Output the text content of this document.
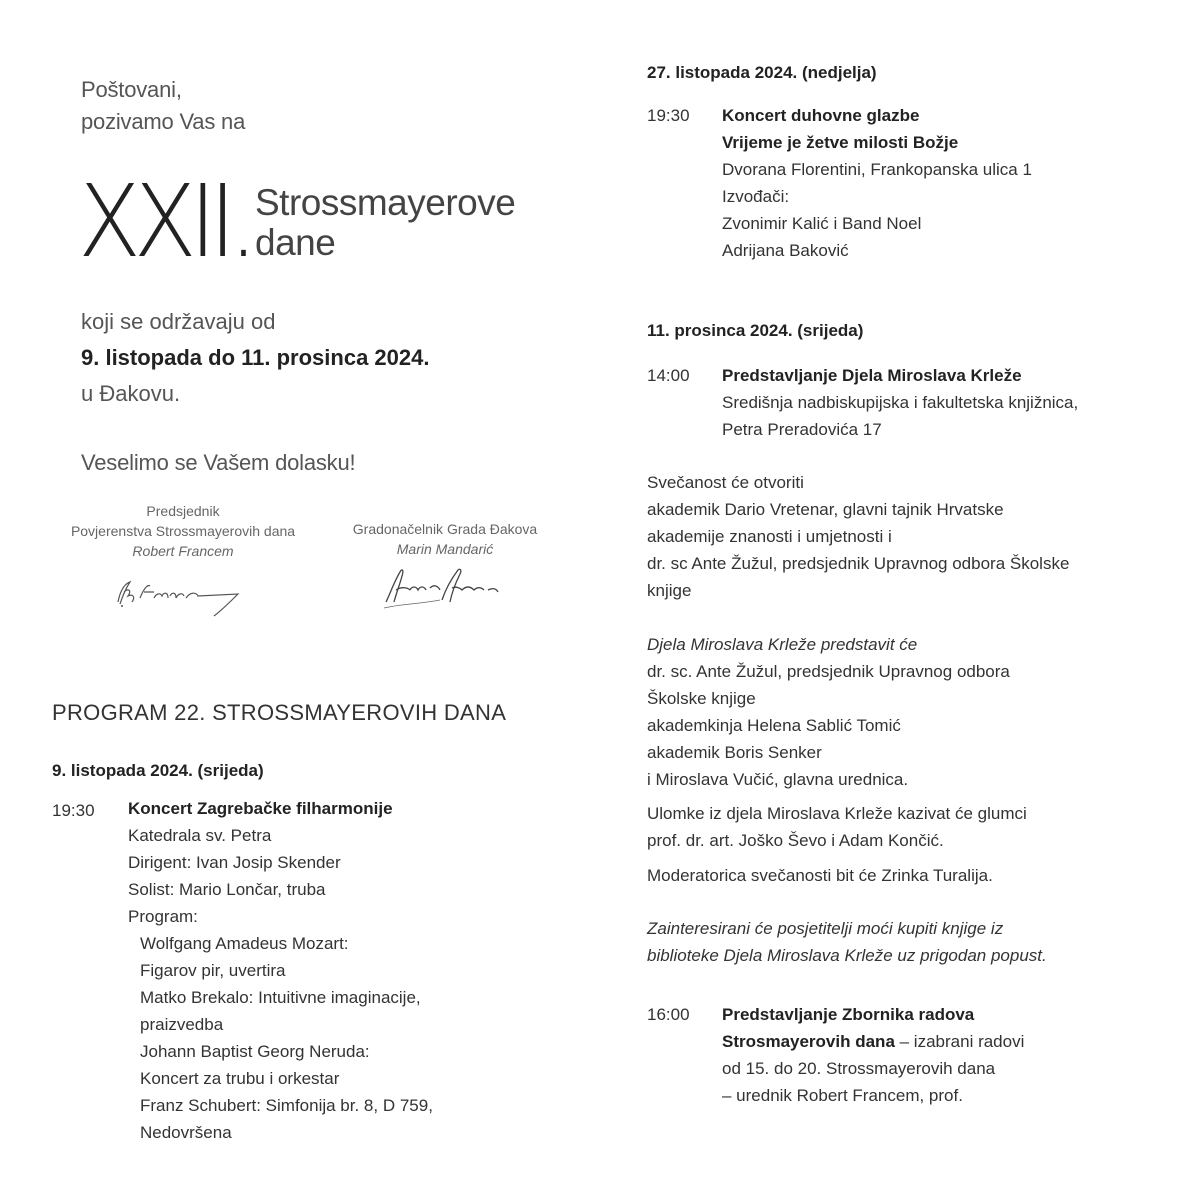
Poštovani,
pozivamo Vas na
XXII. Strossmayerove
dane
koji se održavaju od
9. listopada do 11. prosinca 2024.
u Đakovu.
Veselimo se Vašem dolasku!
Predsjednik
Povjerenstva Strossmayerovih dana
Robert Francem
Gradonačelnik Grada Đakova
Marin Mandarić
PROGRAM 22. STROSSMAYEROVIH DANA
9. listopada 2024. (srijeda)
19:30 Koncert Zagrebačke filharmonije
Katedrala sv. Petra
Dirigent: Ivan Josip Skender
Solist: Mario Lončar, truba
Program:
Wolfgang Amadeus Mozart:
Figarov pir, uvertira
Matko Brekalo: Intuitivne imaginacije,
praizvedba
Johann Baptist Georg Neruda:
Koncert za trubu i orkestar
Franz Schubert: Simfonija br. 8, D 759,
Nedovršena
27. listopada 2024. (nedjelja)
19:30 Koncert duhovne glazbe
Vrijeme je žetve milosti Božje
Dvorana Florentini, Frankopanska ulica 1
Izvođači:
Zvonimir Kalić i Band Noel
Adrijana Baković
11. prosinca 2024. (srijeda)
14:00 Predstavljanje Djela Miroslava Krleže
Središnja nadbiskupijska i fakultetska knjižnica,
Petra Preradovića 17
Svečanost će otvoriti
akademik Dario Vretenar, glavni tajnik Hrvatske
akademije znanosti i umjetnosti i
dr. sc Ante Žužul, predsjednik Upravnog odbora Školske
knjige
Djela Miroslava Krleže predstavit će
dr. sc. Ante Žužul, predsjednik Upravnog odbora
Školske knjige
akademkinja Helena Sablić Tomić
akademik Boris Senker
i Miroslava Vučić, glavna urednica.
Ulomke iz djela Miroslava Krleže kazivat će glumci
prof. dr. art. Joško Ševo i Adam Končić.
Moderatorica svečanosti bit će Zrinka Turalija.
Zainteresirani će posjetitelji moći kupiti knjige iz
biblioteke Djela Miroslava Krleže uz prigodan popust.
16:00 Predstavljanje Zbornika radova
Strosmayerovih dana – izabrani radovi
od 15. do 20. Strossmayerovih dana
– urednik Robert Francem, prof.
